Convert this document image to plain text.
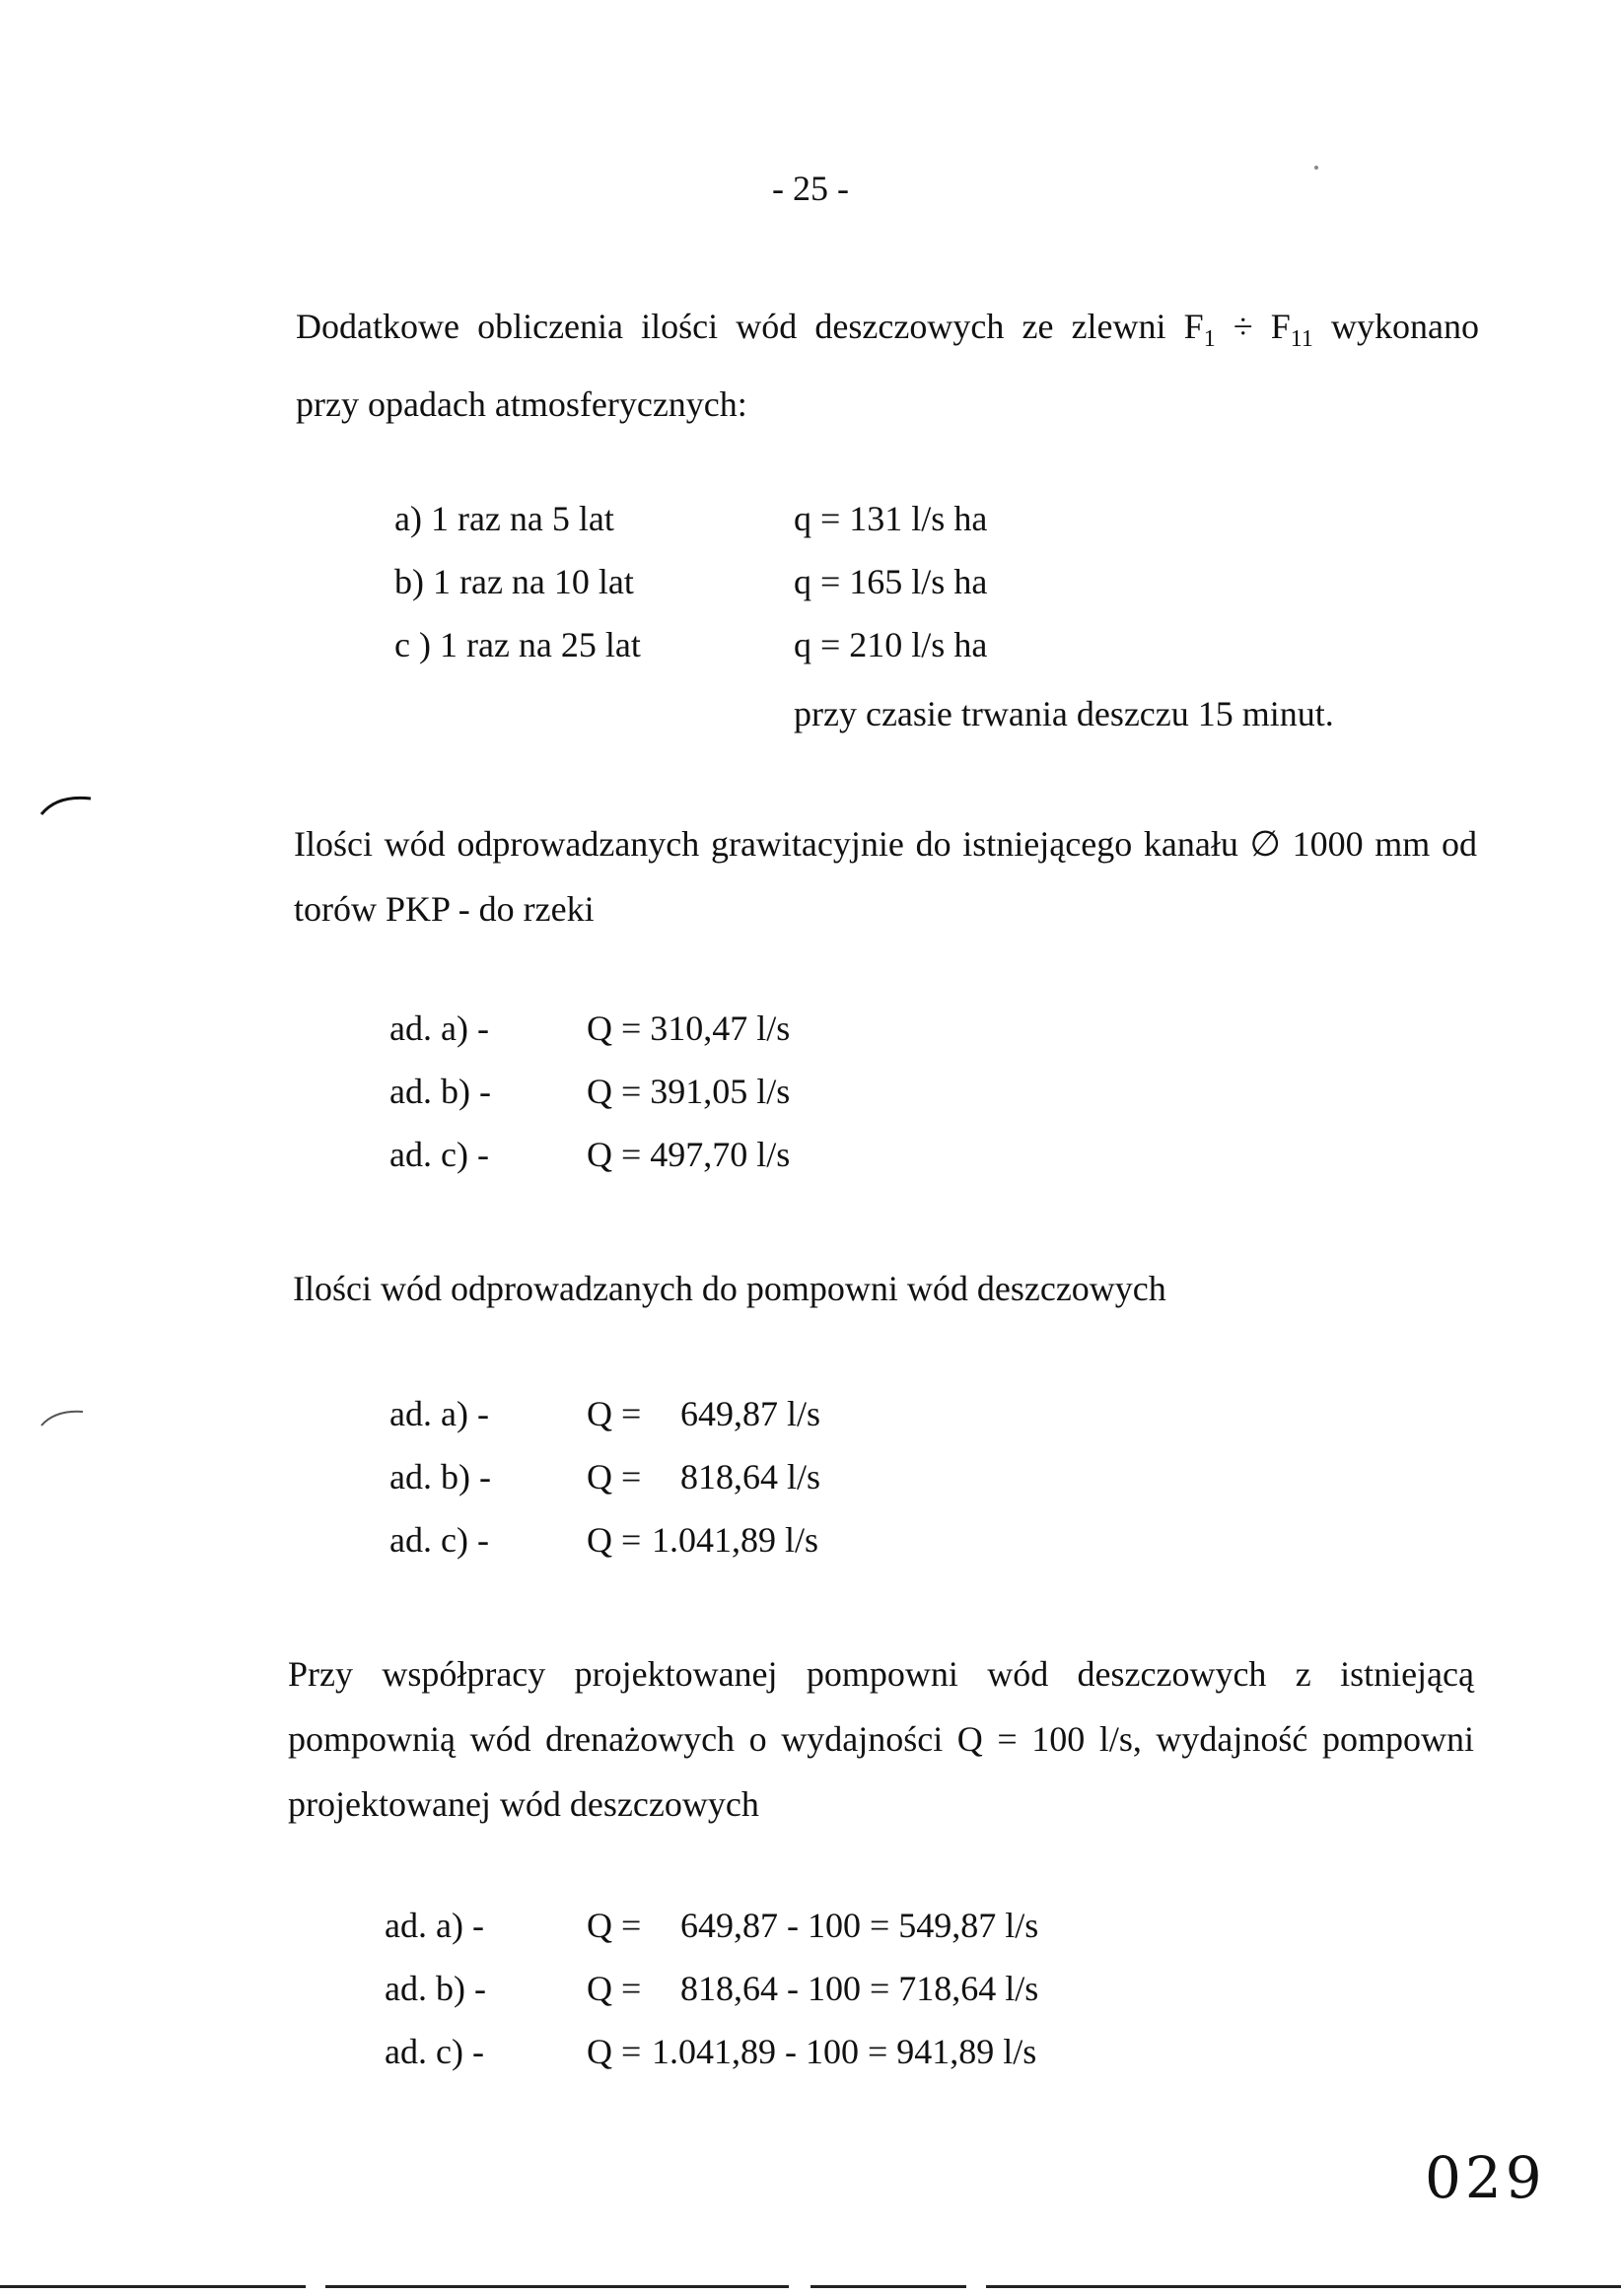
- 25 -
Dodatkowe obliczenia ilości wód deszczowych ze zlewni $F_1 \div F_{11}$ wykonano
przy opadach atmosferycznych:
a) 1 raz na 5 lat	q = 131 l/s ha
b) 1 raz na 10 lat	q = 165 l/s ha
c ) 1 raz na 25 lat	q = 210 l/s ha
przy czasie trwania deszczu 15 minut.
Ilości wód odprowadzanych grawitacyjnie do istniejącego kanału ∅ 1000 mm od
torów PKP - do rzeki
ad. a) -	Q = 310,47 l/s
ad. b) -	Q = 391,05 l/s
ad. c) -	Q = 497,70 l/s
Ilości wód odprowadzanych do pompowni wód deszczowych
ad. a) -	Q = 649,87 l/s
ad. b) -	Q = 818,64 l/s
ad. c) -	Q = 1.041,89 l/s
Przy współpracy projektowanej pompowni wód deszczowych z istniejącą
pompownią wód drenażowych o wydajności Q = 100 l/s, wydajność pompowni
projektowanej wód deszczowych
ad. a) -	Q = 649,87 - 100 = 549,87 l/s
ad. b) -	Q = 818,64 - 100 = 718,64 l/s
ad. c) -	Q = 1.041,89 - 100 = 941,89 l/s
029
